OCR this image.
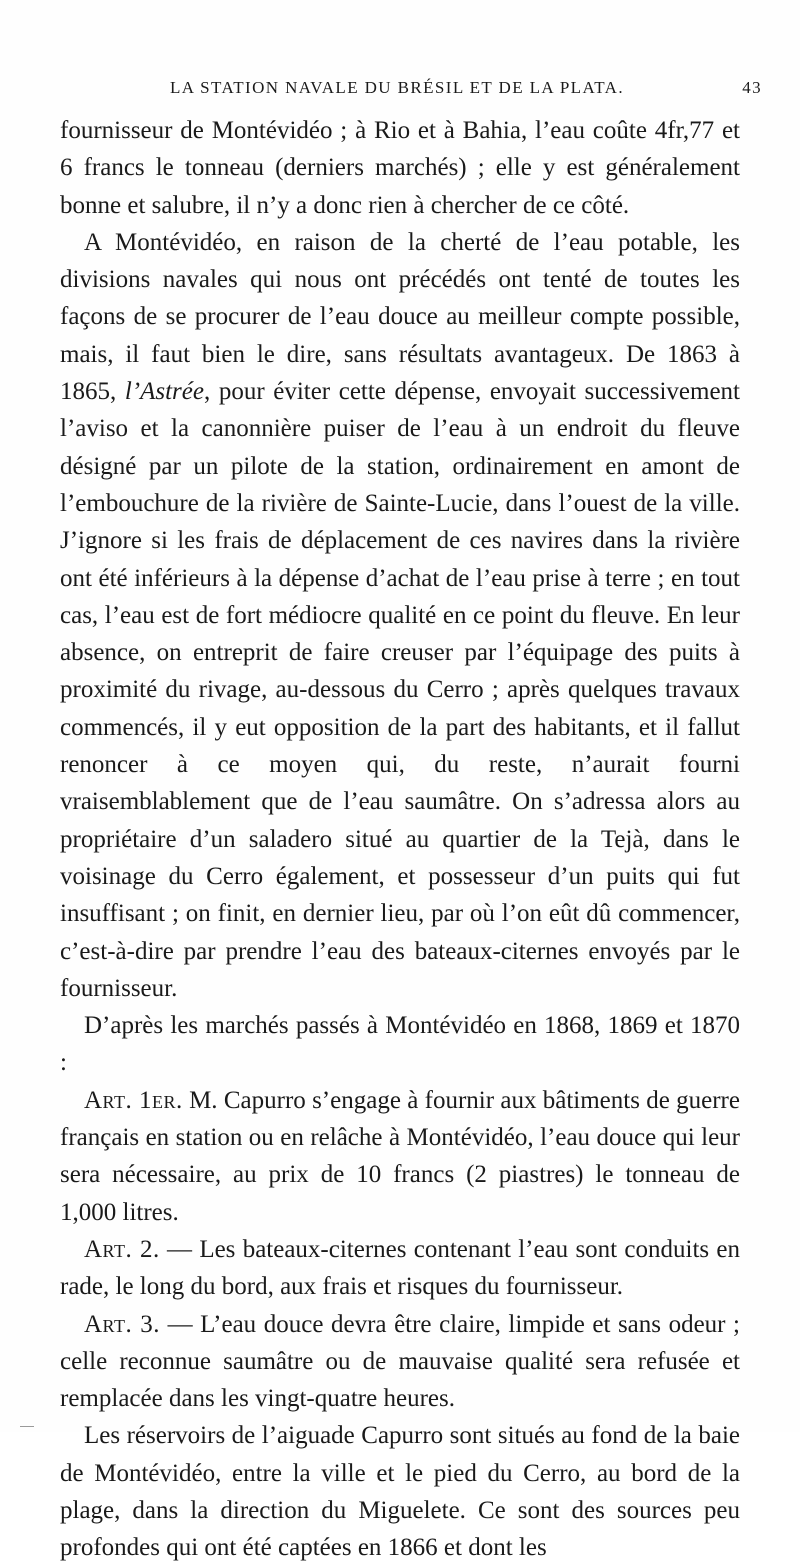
LA STATION NAVALE DU BRÉSIL ET DE LA PLATA.	43

fournisseur de Montévidéo ; à Rio et à Bahia, l’eau coûte 4fr,77 et 6 francs le tonneau (derniers marchés) ; elle y est généralement bonne et salubre, il n’y a donc rien à chercher de ce côté.

A Montévidéo, en raison de la cherté de l’eau potable, les divisions navales qui nous ont précédés ont tenté de toutes les façons de se procurer de l’eau douce au meilleur compte possible, mais, il faut bien le dire, sans résultats avantageux. De 1863 à 1865, l’Astrée, pour éviter cette dépense, envoyait successivement l’aviso et la canonnière puiser de l’eau à un endroit du fleuve désigné par un pilote de la station, ordinairement en amont de l’embouchure de la rivière de Sainte-Lucie, dans l’ouest de la ville. J’ignore si les frais de déplacement de ces navires dans la rivière ont été inférieurs à la dépense d’achat de l’eau prise à terre ; en tout cas, l’eau est de fort médiocre qualité en ce point du fleuve. En leur absence, on entreprit de faire creuser par l’équipage des puits à proximité du rivage, au-dessous du Cerro ; après quelques travaux commencés, il y eut opposition de la part des habitants, et il fallut renoncer à ce moyen qui, du reste, n’aurait fourni vraisemblablement que de l’eau saumâtre. On s’adressa alors au propriétaire d’un saladero situé au quartier de la Tejà, dans le voisinage du Cerro également, et possesseur d’un puits qui fut insuffisant ; on finit, en dernier lieu, par où l’on eût dû commencer, c’est-à-dire par prendre l’eau des bateaux-citernes envoyés par le fournisseur.

D’après les marchés passés à Montévidéo en 1868, 1869 et 1870 :

Art. 1er. M. Capurro s’engage à fournir aux bâtiments de guerre français en station ou en relâche à Montévidéo, l’eau douce qui leur sera nécessaire, au prix de 10 francs (2 piastres) le tonneau de 1,000 litres.

Art. 2. — Les bateaux-citernes contenant l’eau sont conduits en rade, le long du bord, aux frais et risques du fournisseur.

Art. 3. — L’eau douce devra être claire, limpide et sans odeur ; celle reconnue saumâtre ou de mauvaise qualité sera refusée et remplacée dans les vingt-quatre heures.

Les réservoirs de l’aiguade Capurro sont situés au fond de la baie de Montévidéo, entre la ville et le pied du Cerro, au bord de la plage, dans la direction du Miguelete. Ce sont des sources peu profondes qui ont été captées en 1866 et dont les
